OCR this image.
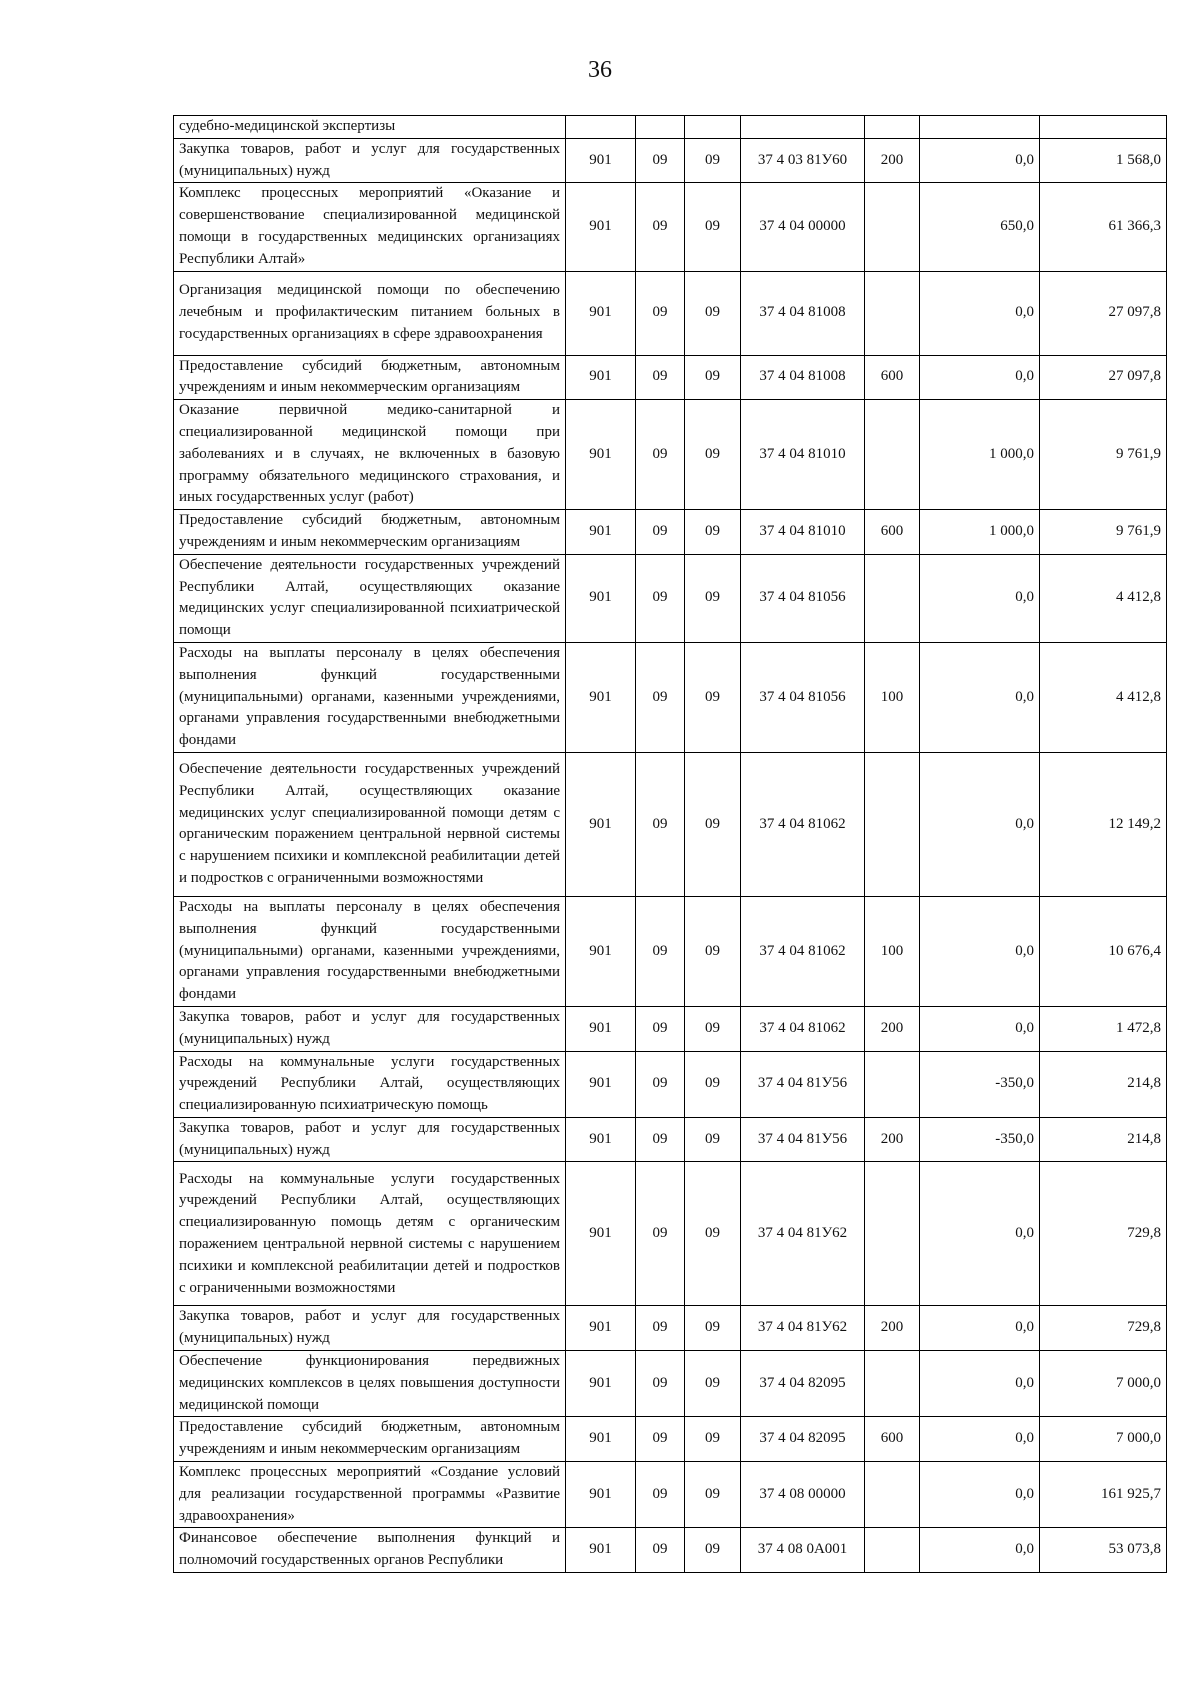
36
судебно-медицинской экспертизы							
Закупка товаров, работ и услуг для государственных (муниципальных) нужд	901	09	09	37 4 03 81У60	200	0,0	1 568,0
Комплекс процессных мероприятий «Оказание и совершенствование специализированной медицинской помощи в государственных медицинских организациях Республики Алтай»	901	09	09	37 4 04 00000		650,0	61 366,3
Организация медицинской помощи по обеспечению лечебным и профилактическим питанием больных в государственных организациях в сфере здравоохранения	901	09	09	37 4 04 81008		0,0	27 097,8
Предоставление субсидий бюджетным, автономным учреждениям и иным некоммерческим организациям	901	09	09	37 4 04 81008	600	0,0	27 097,8
Оказание первичной медико-санитарной и специализированной медицинской помощи при заболеваниях и в случаях, не включенных в базовую программу обязательного медицинского страхования, и иных государственных услуг (работ)	901	09	09	37 4 04 81010		1 000,0	9 761,9
Предоставление субсидий бюджетным, автономным учреждениям и иным некоммерческим организациям	901	09	09	37 4 04 81010	600	1 000,0	9 761,9
Обеспечение деятельности государственных учреждений Республики Алтай, осуществляющих оказание медицинских услуг специализированной психиатрической помощи	901	09	09	37 4 04 81056		0,0	4 412,8
Расходы на выплаты персоналу в целях обеспечения выполнения функций государственными (муниципальными) органами, казенными учреждениями, органами управления государственными внебюджетными фондами	901	09	09	37 4 04 81056	100	0,0	4 412,8
Обеспечение деятельности государственных учреждений Республики Алтай, осуществляющих оказание медицинских услуг специализированной помощи детям с органическим поражением центральной нервной системы с нарушением психики и комплексной реабилитации детей и подростков с ограниченными возможностями	901	09	09	37 4 04 81062		0,0	12 149,2
Расходы на выплаты персоналу в целях обеспечения выполнения функций государственными (муниципальными) органами, казенными учреждениями, органами управления государственными внебюджетными фондами	901	09	09	37 4 04 81062	100	0,0	10 676,4
Закупка товаров, работ и услуг для государственных (муниципальных) нужд	901	09	09	37 4 04 81062	200	0,0	1 472,8
Расходы на коммунальные услуги государственных учреждений Республики Алтай, осуществляющих специализированную психиатрическую помощь	901	09	09	37 4 04 81У56		-350,0	214,8
Закупка товаров, работ и услуг для государственных (муниципальных) нужд	901	09	09	37 4 04 81У56	200	-350,0	214,8
Расходы на коммунальные услуги государственных учреждений Республики Алтай, осуществляющих специализированную помощь детям с органическим поражением центральной нервной системы с нарушением психики и комплексной реабилитации детей и подростков с ограниченными возможностями	901	09	09	37 4 04 81У62		0,0	729,8
Закупка товаров, работ и услуг для государственных (муниципальных) нужд	901	09	09	37 4 04 81У62	200	0,0	729,8
Обеспечение функционирования передвижных медицинских комплексов в целях повышения доступности медицинской помощи	901	09	09	37 4 04 82095		0,0	7 000,0
Предоставление субсидий бюджетным, автономным учреждениям и иным некоммерческим организациям	901	09	09	37 4 04 82095	600	0,0	7 000,0
Комплекс процессных мероприятий «Создание условий для реализации государственной программы «Развитие здравоохранения»	901	09	09	37 4 08 00000		0,0	161 925,7
Финансовое обеспечение выполнения функций и полномочий государственных органов Республики	901	09	09	37 4 08 0А001		0,0	53 073,8
